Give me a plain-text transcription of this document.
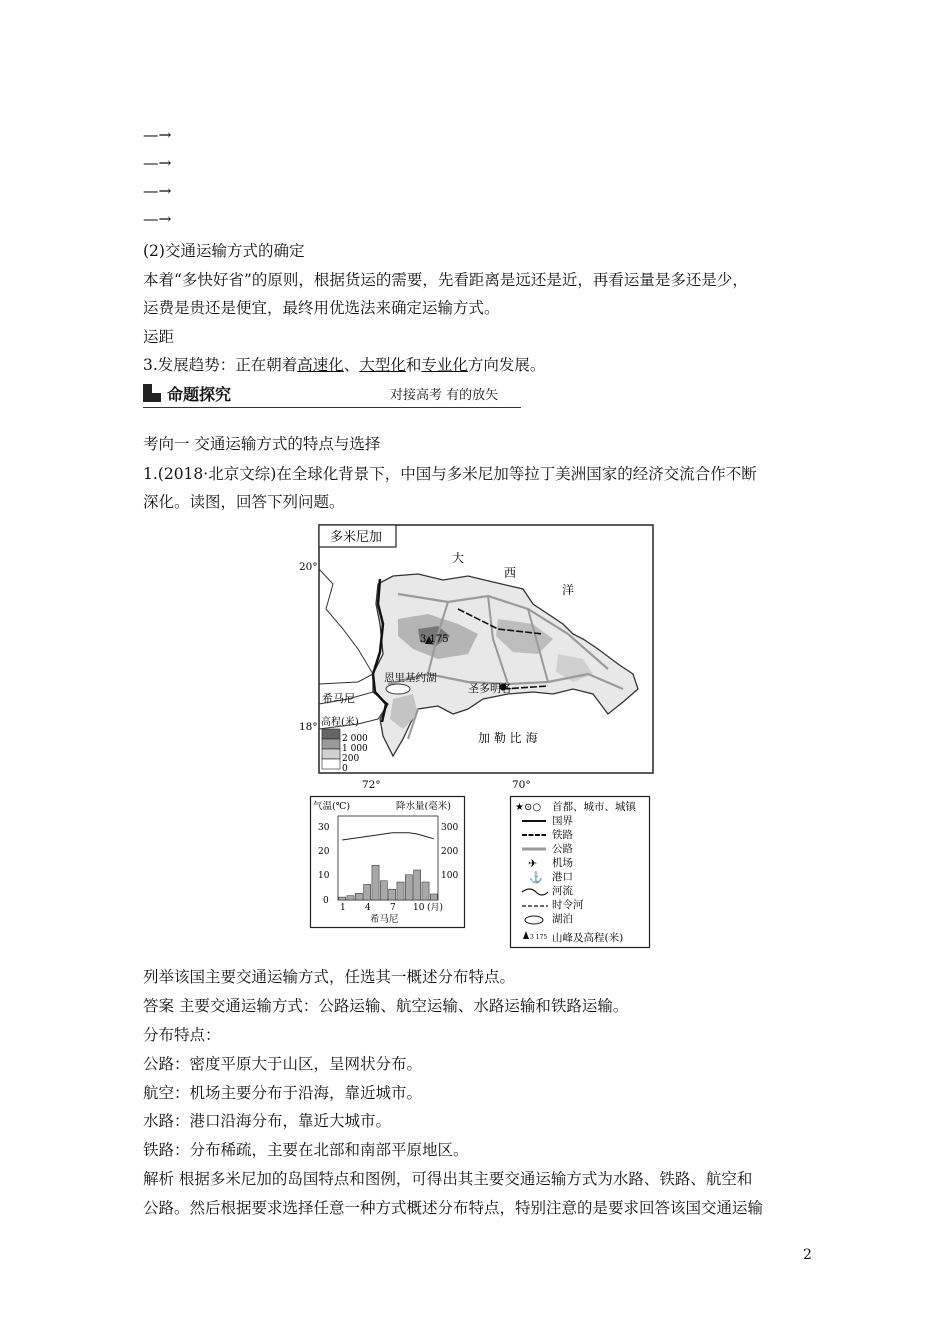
—→
—→
—→
—→
(2)交通运输方式的确定
本着“多快好省”的原则，根据货运的需要，先看距离是远还是近，再看运量是多还是少，
运费是贵还是便宜，最终用优选法来确定运输方式。
运距
3.发展趋势：正在朝着高速化、大型化和专业化方向发展。
命题探究	对接高考 有的放矢
考向一 交通运输方式的特点与选择
1.(2018·北京文综)在全球化背景下，中国与多米尼加等拉丁美洲国家的经济交流合作不断
深化。读图，回答下列问题。
多米尼加
大
西
洋
加 勒 比 海
20°
18°
72°	70°
3 175
恩里基约湖
圣多明各
希马尼
高程(米)
2 000
1 000
200
0
气温(℃)	降水量(毫米)
30
20
10
0
300
200
100
1 4 7 10 (月)
希马尼
★⊙○
✈
⚓
3 175
首都、城市、城镇
国界
铁路
公路
机场
港口
河流
时令河
湖泊
山峰及高程(米)
列举该国主要交通运输方式，任选其一概述分布特点。
答案 主要交通运输方式：公路运输、航空运输、水路运输和铁路运输。
分布特点：
公路：密度平原大于山区，呈网状分布。
航空：机场主要分布于沿海，靠近城市。
水路：港口沿海分布，靠近大城市。
铁路：分布稀疏，主要在北部和南部平原地区。
解析 根据多米尼加的岛国特点和图例，可得出其主要交通运输方式为水路、铁路、航空和
公路。然后根据要求选择任意一种方式概述分布特点，特别注意的是要求回答该国交通运输
2
